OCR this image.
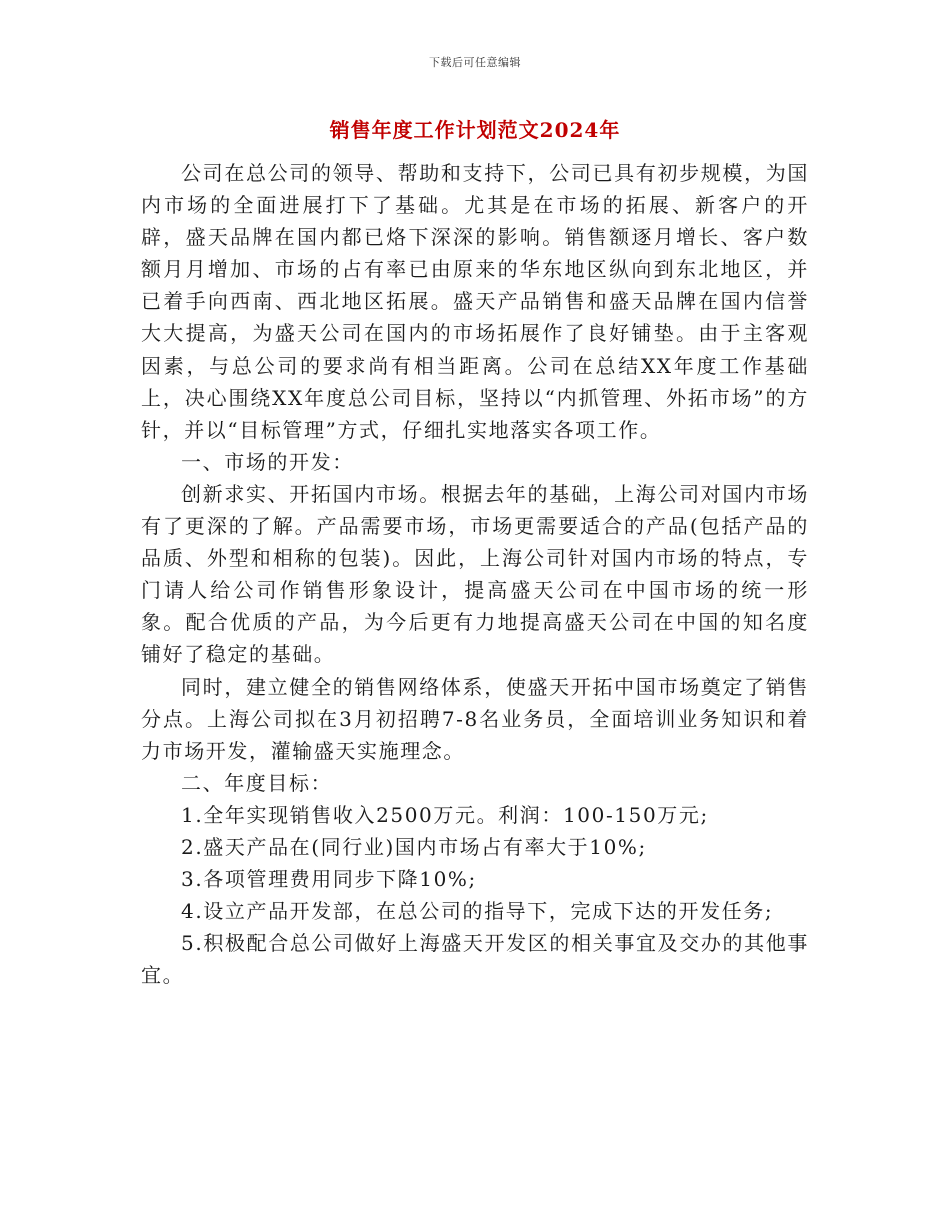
下载后可任意编辑
销售年度工作计划范文2024年

公司在总公司的领导、帮助和支持下，公司已具有初步规模，为国内市场的全面进展打下了基础。尤其是在市场的拓展、新客户的开辟，盛天品牌在国内都已烙下深深的影响。销售额逐月增长、客户数额月月增加、市场的占有率已由原来的华东地区纵向到东北地区，并已着手向西南、西北地区拓展。盛天产品销售和盛天品牌在国内信誉大大提高，为盛天公司在国内的市场拓展作了良好铺垫。由于主客观因素，与总公司的要求尚有相当距离。公司在总结XX年度工作基础上，决心围绕XX年度总公司目标，坚持以“内抓管理、外拓市场”的方针，并以“目标管理”方式，仔细扎实地落实各项工作。

一、市场的开发：

创新求实、开拓国内市场。根据去年的基础，上海公司对国内市场有了更深的了解。产品需要市场，市场更需要适合的产品(包括产品的品质、外型和相称的包装)。因此，上海公司针对国内市场的特点，专门请人给公司作销售形象设计，提高盛天公司在中国市场的统一形象。配合优质的产品，为今后更有力地提高盛天公司在中国的知名度铺好了稳定的基础。

同时，建立健全的销售网络体系，使盛天开拓中国市场奠定了销售分点。上海公司拟在3月初招聘7-8名业务员，全面培训业务知识和着力市场开发，灌输盛天实施理念。

二、年度目标：

1.全年实现销售收入2500万元。利润：100-150万元;

2.盛天产品在(同行业)国内市场占有率大于10%;

3.各项管理费用同步下降10%;

4.设立产品开发部，在总公司的指导下，完成下达的开发任务;

5.积极配合总公司做好上海盛天开发区的相关事宜及交办的其他事宜。
